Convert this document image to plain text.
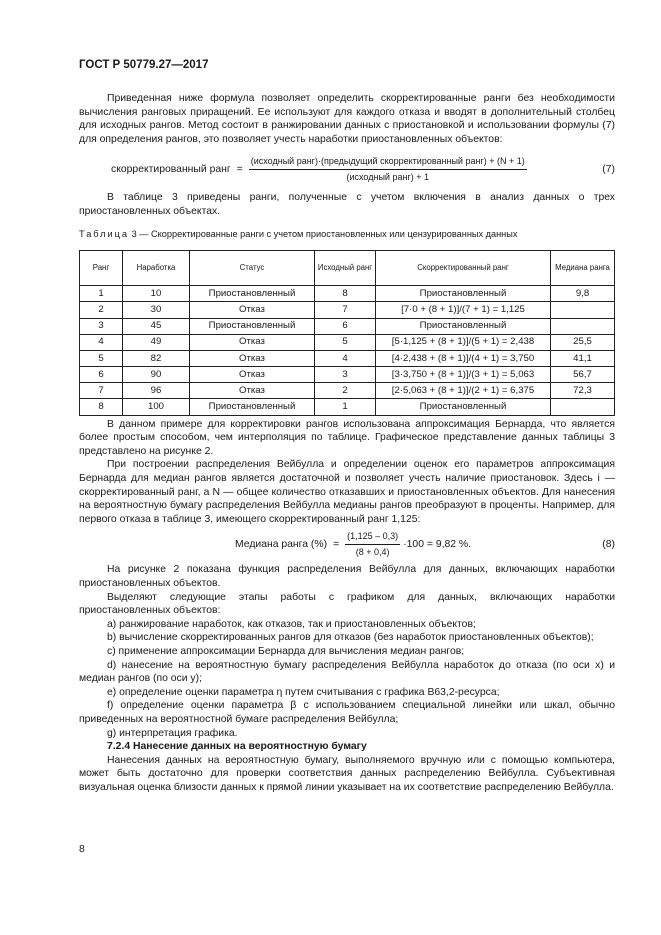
ГОСТ Р 50779.27—2017

Приведенная ниже формула позволяет определить скорректированные ранги без необходимости вычисления ранговых приращений. Ее используют для каждого отказа и вводят в дополнительный столбец для исходных рангов. Метод состоит в ранжировании данных с приостановкой и использовании формулы (7) для определения рангов, это позволяет учесть наработки приостановленных объектов:

скорректированный ранг =
(исходный ранг)·(предыдущий скорректированный ранг) + (N + 1)
(исходный ранг) + 1
(7)

В таблице 3 приведены ранги, полученные с учетом включения в анализ данных о трех приостановленных объектах.

Таблица 3 — Скорректированные ранги с учетом приостановленных или цензурированных данных
Ранг	Наработка	Статус	Исходный ранг	Скорректированный ранг	Медиана ранга
1	10	Приостановленный	8	Приостановленный	9,8
2	30	Отказ	7	[7·0 + (8 + 1)]/(7 + 1) = 1,125	
3	45	Приостановленный	6	Приостановленный	
4	49	Отказ	5	[5·1,125 + (8 + 1)]/(5 + 1) = 2,438	25,5
5	82	Отказ	4	[4·2,438 + (8 + 1)]/(4 + 1) = 3,750	41,1
6	90	Отказ	3	[3·3,750 + (8 + 1)]/(3 + 1) = 5,063	56,7
7	96	Отказ	2	[2·5,063 + (8 + 1)]/(2 + 1) = 6,375	72,3
8	100	Приостановленный	1	Приостановленный	

В данном примере для корректировки рангов использована аппроксимация Бернарда, что является более простым способом, чем интерполяция по таблице. Графическое представление данных таблицы 3 представлено на рисунке 2.

При построении распределения Вейбулла и определении оценок его параметров аппроксимация Бернарда для медиан рангов является достаточной и позволяет учесть наличие приостановок. Здесь i — скорректированный ранг, а N — общее количество отказавших и приостановленных объектов. Для нанесения на вероятностную бумагу распределения Вейбулла медианы рангов преобразуют в проценты. Например, для первого отказа в таблице 3, имеющего скорректированный ранг 1,125:

Медиана ранга (%) = $\frac{(1,125 - 0,3)}{(8 + 0,4)} \cdot 100 = 9,82$ %.	(8)

На рисунке 2 показана функция распределения Вейбулла для данных, включающих наработки приостановленных объектов.

Выделяют следующие этапы работы с графиком для данных, включающих наработки приостановленных объектов:

a) ранжирование наработок, как отказов, так и приостановленных объектов;

b) вычисление скорректированных рангов для отказов (без наработок приостановленных объектов);

c) применение аппроксимации Бернарда для вычисления медиан рангов;

d) нанесение на вероятностную бумагу распределения Вейбулла наработок до отказа (по оси x) и медиан рангов (по оси y);

e) определение оценки параметра η путем считывания с графика B63,2-ресурса;

f) определение оценки параметра β с использованием специальной линейки или шкал, обычно приведенных на вероятностной бумаге распределения Вейбулла;

g) интерпретация графика.

7.2.4 Нанесение данных на вероятностную бумагу

Нанесения данных на вероятностную бумагу, выполняемого вручную или с помощью компьютера, может быть достаточно для проверки соответствия данных распределению Вейбулла. Субъективная визуальная оценка близости данных к прямой линии указывает на их соответствие распределению Вейбулла.

8
